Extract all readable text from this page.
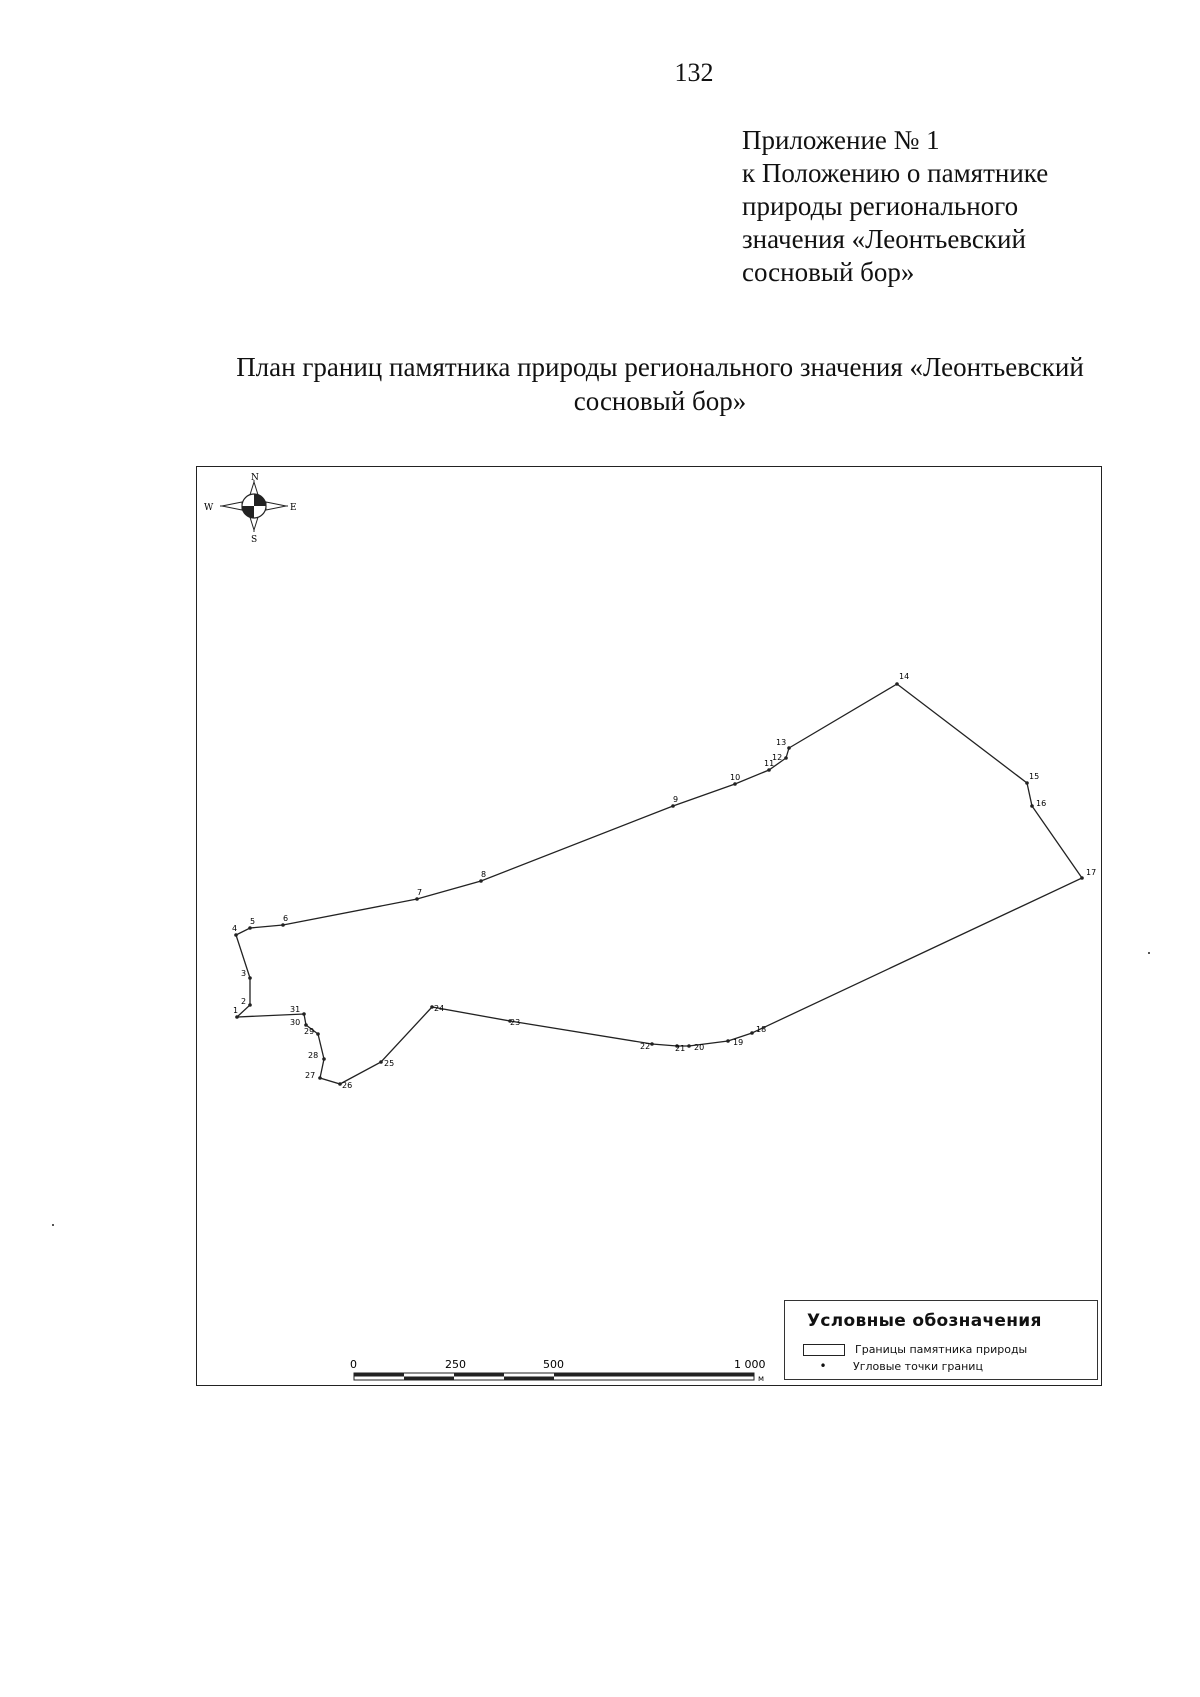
132
Приложение № 1
к Положению о памятнике
природы регионального
значения «Леонтьевский
сосновый бор»
План границ памятника природы регионального значения «Леонтьевский
сосновый бор»
N
S
E
W
1
2
3
4
5	6
7
8
9
10
11
12
13
14
15
16
17
18
19
20
21
22
23
24
25
26
27
28
29
30
31
0	250	500	1 000
м
Условные обозначения
Границы памятника природы
•	Угловые точки границ
